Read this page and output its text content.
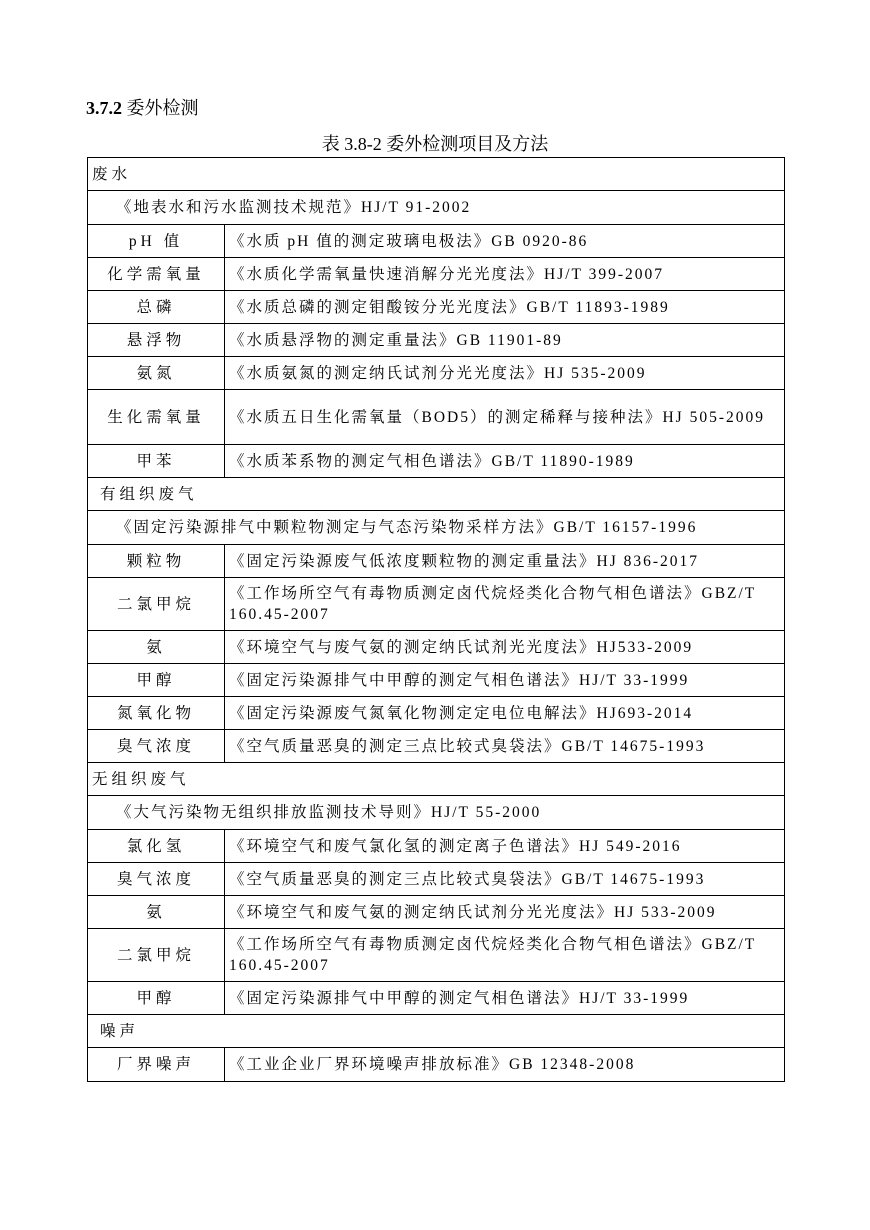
3.7.2 委外检测
表 3.8-2 委外检测项目及方法
废水	
《地表水和污水监测技术规范》HJ/T 91-2002	
pH 值	《水质 pH 值的测定玻璃电极法》GB 0920-86
化学需氧量	《水质化学需氧量快速消解分光光度法》HJ/T 399-2007
总磷	《水质总磷的测定钼酸铵分光光度法》GB/T 11893-1989
悬浮物	《水质悬浮物的测定重量法》GB 11901-89
氨氮	《水质氨氮的测定纳氏试剂分光光度法》HJ 535-2009
生化需氧量	《水质五日生化需氧量（BOD5）的测定稀释与接种法》HJ 505-2009
甲苯	《水质苯系物的测定气相色谱法》GB/T 11890-1989
有组织废气	
《固定污染源排气中颗粒物测定与气态污染物采样方法》GB/T 16157-1996	
颗粒物	《固定污染源废气低浓度颗粒物的测定重量法》HJ 836-2017
二氯甲烷	《工作场所空气有毒物质测定卤代烷烃类化合物气相色谱法》GBZ/T 160.45-2007
氨	《环境空气与废气氨的测定纳氏试剂光光度法》HJ533-2009
甲醇	《固定污染源排气中甲醇的测定气相色谱法》HJ/T 33-1999
氮氧化物	《固定污染源废气氮氧化物测定定电位电解法》HJ693-2014
臭气浓度	《空气质量恶臭的测定三点比较式臭袋法》GB/T 14675-1993
无组织废气	
《大气污染物无组织排放监测技术导则》HJ/T 55-2000	
氯化氢	《环境空气和废气氯化氢的测定离子色谱法》HJ 549-2016
臭气浓度	《空气质量恶臭的测定三点比较式臭袋法》GB/T 14675-1993
氨	《环境空气和废气氨的测定纳氏试剂分光光度法》HJ 533-2009
二氯甲烷	《工作场所空气有毒物质测定卤代烷烃类化合物气相色谱法》GBZ/T 160.45-2007
甲醇	《固定污染源排气中甲醇的测定气相色谱法》HJ/T 33-1999
噪声	
厂界噪声	《工业企业厂界环境噪声排放标准》GB 12348-2008
